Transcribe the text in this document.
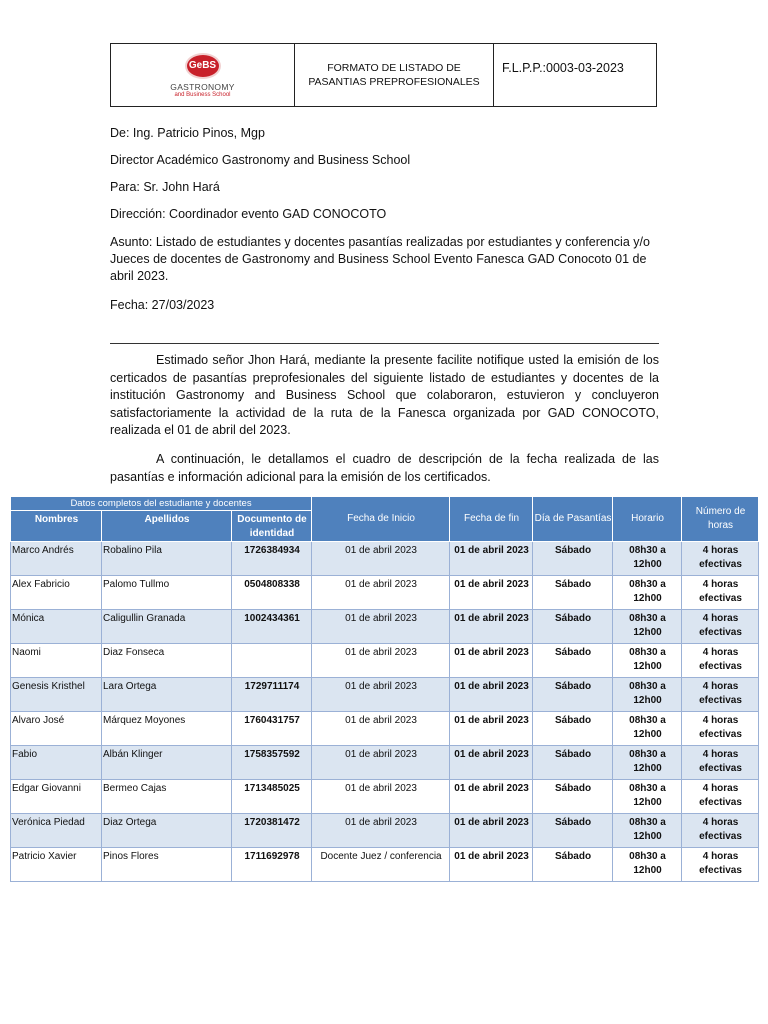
GeBS
GASTRONOMY
and Business School
FORMATO DE LISTADO DE PASANTIAS PREPROFESIONALES
F.L.P.P.:0003-03-2023
De: Ing. Patricio Pinos, Mgp
Director Académico Gastronomy and Business School
Para: Sr. John Hará
Dirección: Coordinador evento GAD CONOCOTO
Asunto: Listado de estudiantes y docentes pasantías realizadas por estudiantes y conferencia y/o Jueces de docentes de Gastronomy and Business School Evento Fanesca GAD Conocoto 01 de abril 2023.
Fecha: 27/03/2023
Estimado señor Jhon Hará, mediante la presente facilite notifique usted la emisión de los certicados de pasantías preprofesionales del siguiente listado de estudiantes y docentes de la institución Gastronomy and Business School que colaboraron, estuvieron y concluyeron satisfactoriamente la actividad de la ruta de la Fanesca organizada por GAD CONOCOTO, realizada el 01 de abril del 2023.
A continuación, le detallamos el cuadro de descripción de la fecha realizada de las pasantías e información adicional para la emisión de los certificados.
Datos completos del estudiante y docentes			Fecha de Inicio	Fecha de fin	Día de Pasantías	Horario	Número de horas
Nombres	Apellidos	Documento de identidad					
Marco Andrés	Robalino Pila	1726384934	01 de abril 2023	01 de abril 2023	Sábado	08h30 a 12h00	4 horas efectivas
Alex Fabricio	Palomo Tullmo	0504808338	01 de abril 2023	01 de abril 2023	Sábado	08h30 a 12h00	4 horas efectivas
Mónica	Caligullin Granada	1002434361	01 de abril 2023	01 de abril 2023	Sábado	08h30 a 12h00	4 horas efectivas
Naomi	Diaz Fonseca		01 de abril 2023	01 de abril 2023	Sábado	08h30 a 12h00	4 horas efectivas
Genesis Kristhel	Lara Ortega	1729711174	01 de abril 2023	01 de abril 2023	Sábado	08h30 a 12h00	4 horas efectivas
Alvaro José	Márquez Moyones	1760431757	01 de abril 2023	01 de abril 2023	Sábado	08h30 a 12h00	4 horas efectivas
Fabio	Albán Klinger	1758357592	01 de abril 2023	01 de abril 2023	Sábado	08h30 a 12h00	4 horas efectivas
Edgar Giovanni	Bermeo Cajas	1713485025	01 de abril 2023	01 de abril 2023	Sábado	08h30 a 12h00	4 horas efectivas
Verónica Piedad	Diaz Ortega	1720381472	01 de abril 2023	01 de abril 2023	Sábado	08h30 a 12h00	4 horas efectivas
Patricio Xavier	Pinos Flores	1711692978	Docente Juez / conferencia	01 de abril 2023	Sábado	08h30 a 12h00	4 horas efectivas
